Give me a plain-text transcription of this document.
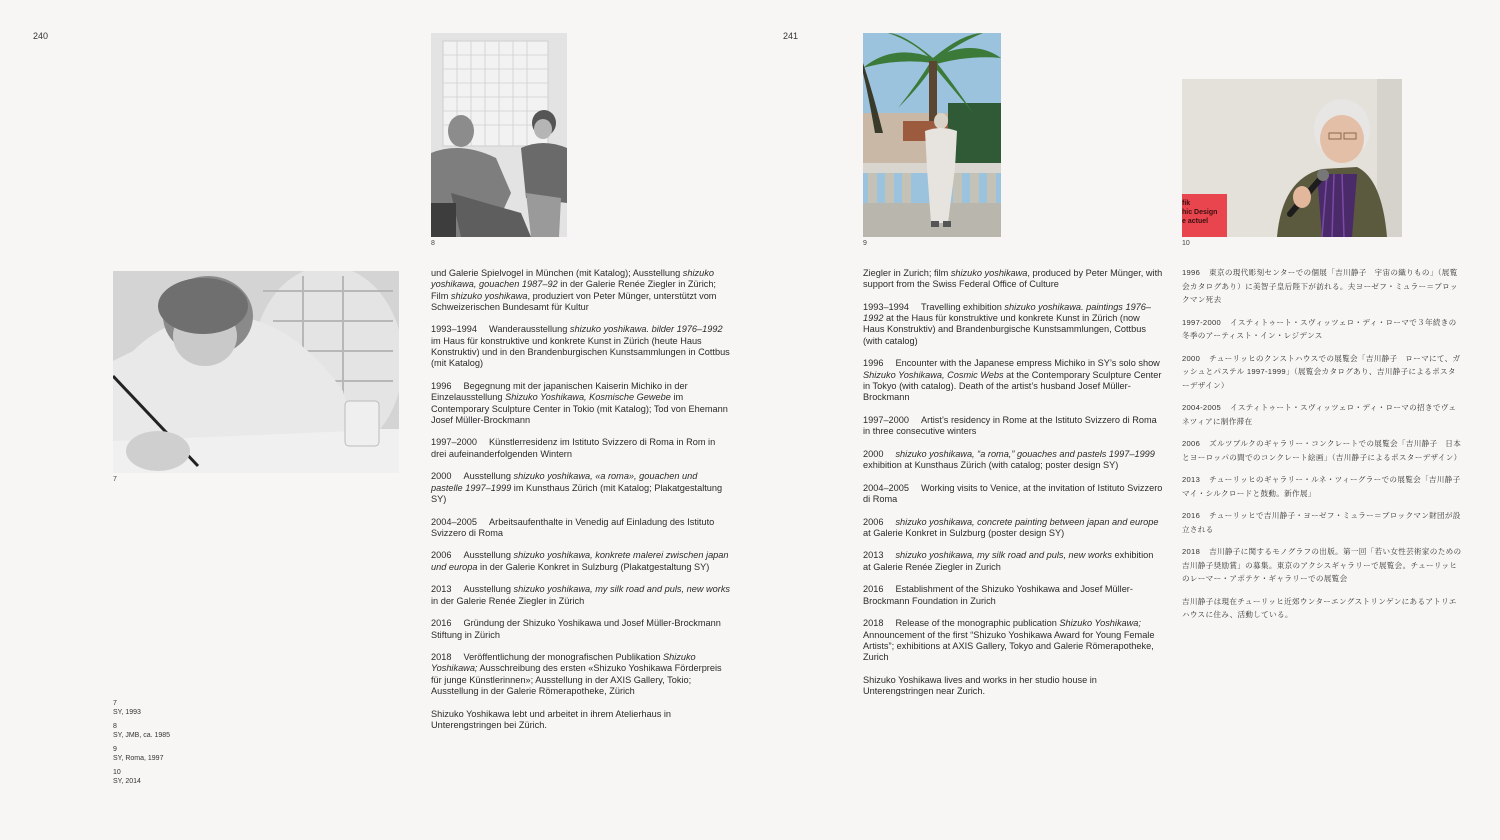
240	241
7
8	9
fik
hic Design
e actuel
10

und Galerie Spielvogel in München (mit Katalog); Ausstellung shizuko yoshikawa, gouachen 1987–92 in der Galerie Renée Ziegler in Zürich; Film shizuko yoshikawa, produziert von Peter Münger, unterstützt vom Schweizerischen Bundesamt für Kultur

1993–1994 Wanderausstellung shizuko yoshikawa. bilder 1976–1992 im Haus für konstruktive und konkrete Kunst in Zürich (heute Haus Konstruktiv) und in den Brandenburgischen Kunstsammlungen in Cottbus (mit Katalog)

1996 Begegnung mit der japanischen Kaiserin Michiko in der Einzelausstellung Shizuko Yoshikawa, Kosmische Gewebe im Contemporary Sculpture Center in Tokio (mit Katalog); Tod von Ehemann Josef Müller-Brockmann

1997–2000 Künstlerresidenz im Istituto Svizzero di Roma in Rom in drei aufeinanderfolgenden Wintern

2000 Ausstellung shizuko yoshikawa, «a roma», gouachen und pastelle 1997–1999 im Kunsthaus Zürich (mit Katalog; Plakatgestaltung SY)

2004–2005 Arbeitsaufenthalte in Venedig auf Einladung des Istituto Svizzero di Roma

2006 Ausstellung shizuko yoshikawa, konkrete malerei zwischen japan und europa in der Galerie Konkret in Sulzburg (Plakatgestaltung SY)

2013 Ausstellung shizuko yoshikawa, my silk road and puls, new works in der Galerie Renée Ziegler in Zürich

2016 Gründung der Shizuko Yoshikawa und Josef Müller-Brockmann Stiftung in Zürich

2018 Veröffentlichung der monografischen Publikation Shizuko Yoshikawa; Ausschreibung des ersten «Shizuko Yoshikawa Förderpreis für junge Künstlerinnen»; Ausstellung in der AXIS Gallery, Tokio; Ausstellung in der Galerie Römerapotheke, Zürich

Shizuko Yoshikawa lebt und arbeitet in ihrem Atelierhaus in Unterengstringen bei Zürich.

Ziegler in Zurich; film shizuko yoshikawa, produced by Peter Münger, with support from the Swiss Federal Office of Culture

1993–1994 Travelling exhibition shizuko yoshikawa. paintings 1976–1992 at the Haus für konstruktive und konkrete Kunst in Zürich (now Haus Konstruktiv) and Brandenburgische Kunstsammlungen, Cottbus (with catalog)

1996 Encounter with the Japanese empress Michiko in SY’s solo show Shizuko Yoshikawa, Cosmic Webs at the Contemporary Sculpture Center in Tokyo (with catalog). Death of the artist’s husband Josef Müller-Brockmann

1997–2000 Artist’s residency in Rome at the Istituto Svizzero di Roma in three consecutive winters

2000 shizuko yoshikawa, “a roma,” gouaches and pastels 1997–1999 exhibition at Kunsthaus Zürich (with catalog; poster design SY)

2004–2005 Working visits to Venice, at the invitation of Istituto Svizzero di Roma

2006 shizuko yoshikawa, concrete painting between japan and europe at Galerie Konkret in Sulzburg (poster design SY)

2013 shizuko yoshikawa, my silk road and puls, new works exhibition at Galerie Renée Ziegler in Zurich

2016 Establishment of the Shizuko Yoshikawa and Josef Müller-Brockmann Foundation in Zurich

2018 Release of the monographic publication Shizuko Yoshikawa; Announcement of the first “Shizuko Yoshikawa Award for Young Female Artists”; exhibitions at AXIS Gallery, Tokyo and Galerie Römerapotheke, Zurich

Shizuko Yoshikawa lives and works in her studio house in Unterengstringen near Zurich.

1996 東京の現代彫刻センターでの個展「吉川静子　宇宙の織りもの」（展覧会カタログあり）に美智子皇后陛下が訪れる。夫ヨーゼフ・ミュラー＝ブロックマン死去

1997-2000 イスティトゥート・スヴィッツェロ・ディ・ローマで３年続きの冬季のアーティスト・イン・レジデンス

2000 チューリッヒのクンストハウスでの展覧会「吉川静子　ローマにて、ガッシュとパステル 1997-1999」（展覧会カタログあり、吉川静子によるポスターデザイン）

2004-2005 イスティトゥート・スヴィッツェロ・ディ・ローマの招きでヴェネツィアに制作滞在

2006 ズルツブルクのギャラリー・コンクレートでの展覧会「吉川静子　日本とヨーロッパの間でのコンクレート絵画」（吉川静子によるポスターデザイン）

2013 チューリッヒのギャラリー・ルネ・ツィーグラーでの展覧会「吉川静子　マイ・シルクロードと鼓動。新作展」

2016 チューリッヒで吉川静子・ヨーゼフ・ミュラー＝ブロックマン財団が設立される

2018 吉川静子に関するモノグラフの出版。第一回「若い女性芸術家のための吉川静子奨励賞」の募集。東京のアクシスギャラリーで展覧会。チューリッヒのレーマー・アポテケ・ギャラリーでの展覧会

吉川静子は現在チューリッヒ近郊ウンターエングストリンゲンにあるアトリエハウスに住み、活動している。

7
SY, 1993
8
SY, JMB, ca. 1985
9
SY, Roma, 1997
10
SY, 2014
